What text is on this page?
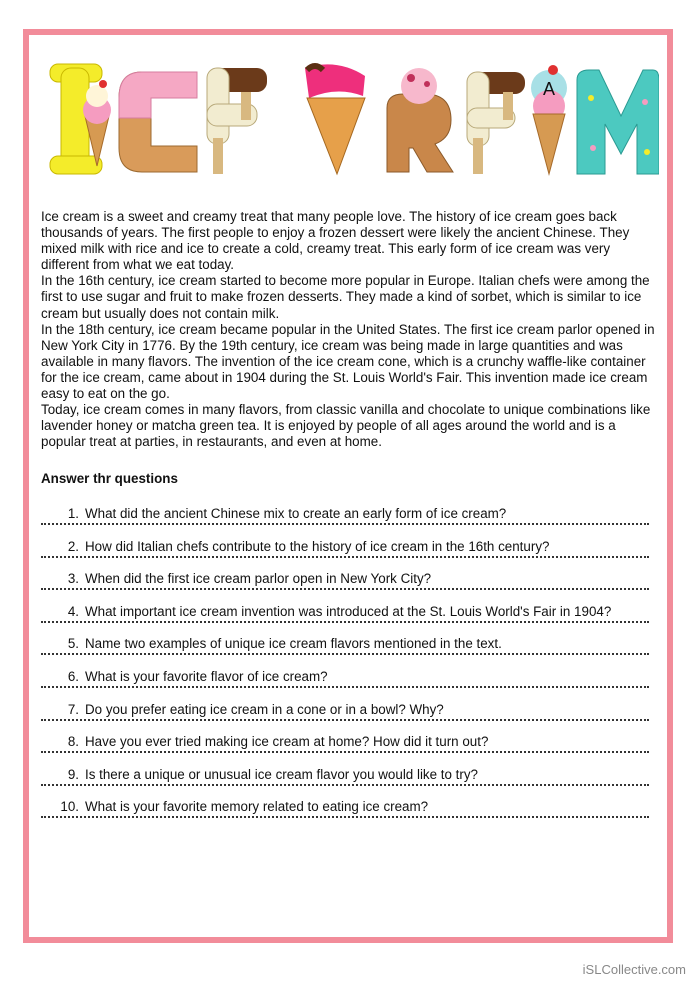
A

Ice cream is a sweet and creamy treat that many people love. The history of ice cream goes back thousands of years. The first people to enjoy a frozen dessert were likely the ancient Chinese. They mixed milk with rice and ice to create a cold, creamy treat. This early form of ice cream was very different from what we eat today.

In the 16th century, ice cream started to become more popular in Europe. Italian chefs were among the first to use sugar and fruit to make frozen desserts. They made a kind of sorbet, which is similar to ice cream but usually does not contain milk.

In the 18th century, ice cream became popular in the United States. The first ice cream parlor opened in New York City in 1776. By the 19th century, ice cream was being made in large quantities and was available in many flavors. The invention of the ice cream cone, which is a crunchy waffle-like container for the ice cream, came about in 1904 during the St. Louis World's Fair. This invention made ice cream easy to eat on the go.

Today, ice cream comes in many flavors, from classic vanilla and chocolate to unique combinations like lavender honey or matcha green tea. It is enjoyed by people of all ages around the world and is a popular treat at parties, in restaurants, and even at home.

Answer thr questions
1. What did the ancient Chinese mix to create an early form of ice cream?
2. How did Italian chefs contribute to the history of ice cream in the 16th century?
3. When did the first ice cream parlor open in New York City?
4. What important ice cream invention was introduced at the St. Louis World's Fair in 1904?
5. Name two examples of unique ice cream flavors mentioned in the text.
6. What is your favorite flavor of ice cream?
7. Do you prefer eating ice cream in a cone or in a bowl? Why?
8. Have you ever tried making ice cream at home? How did it turn out?
9. Is there a unique or unusual ice cream flavor you would like to try?
10. What is your favorite memory related to eating ice cream?
iSLCollective.com
